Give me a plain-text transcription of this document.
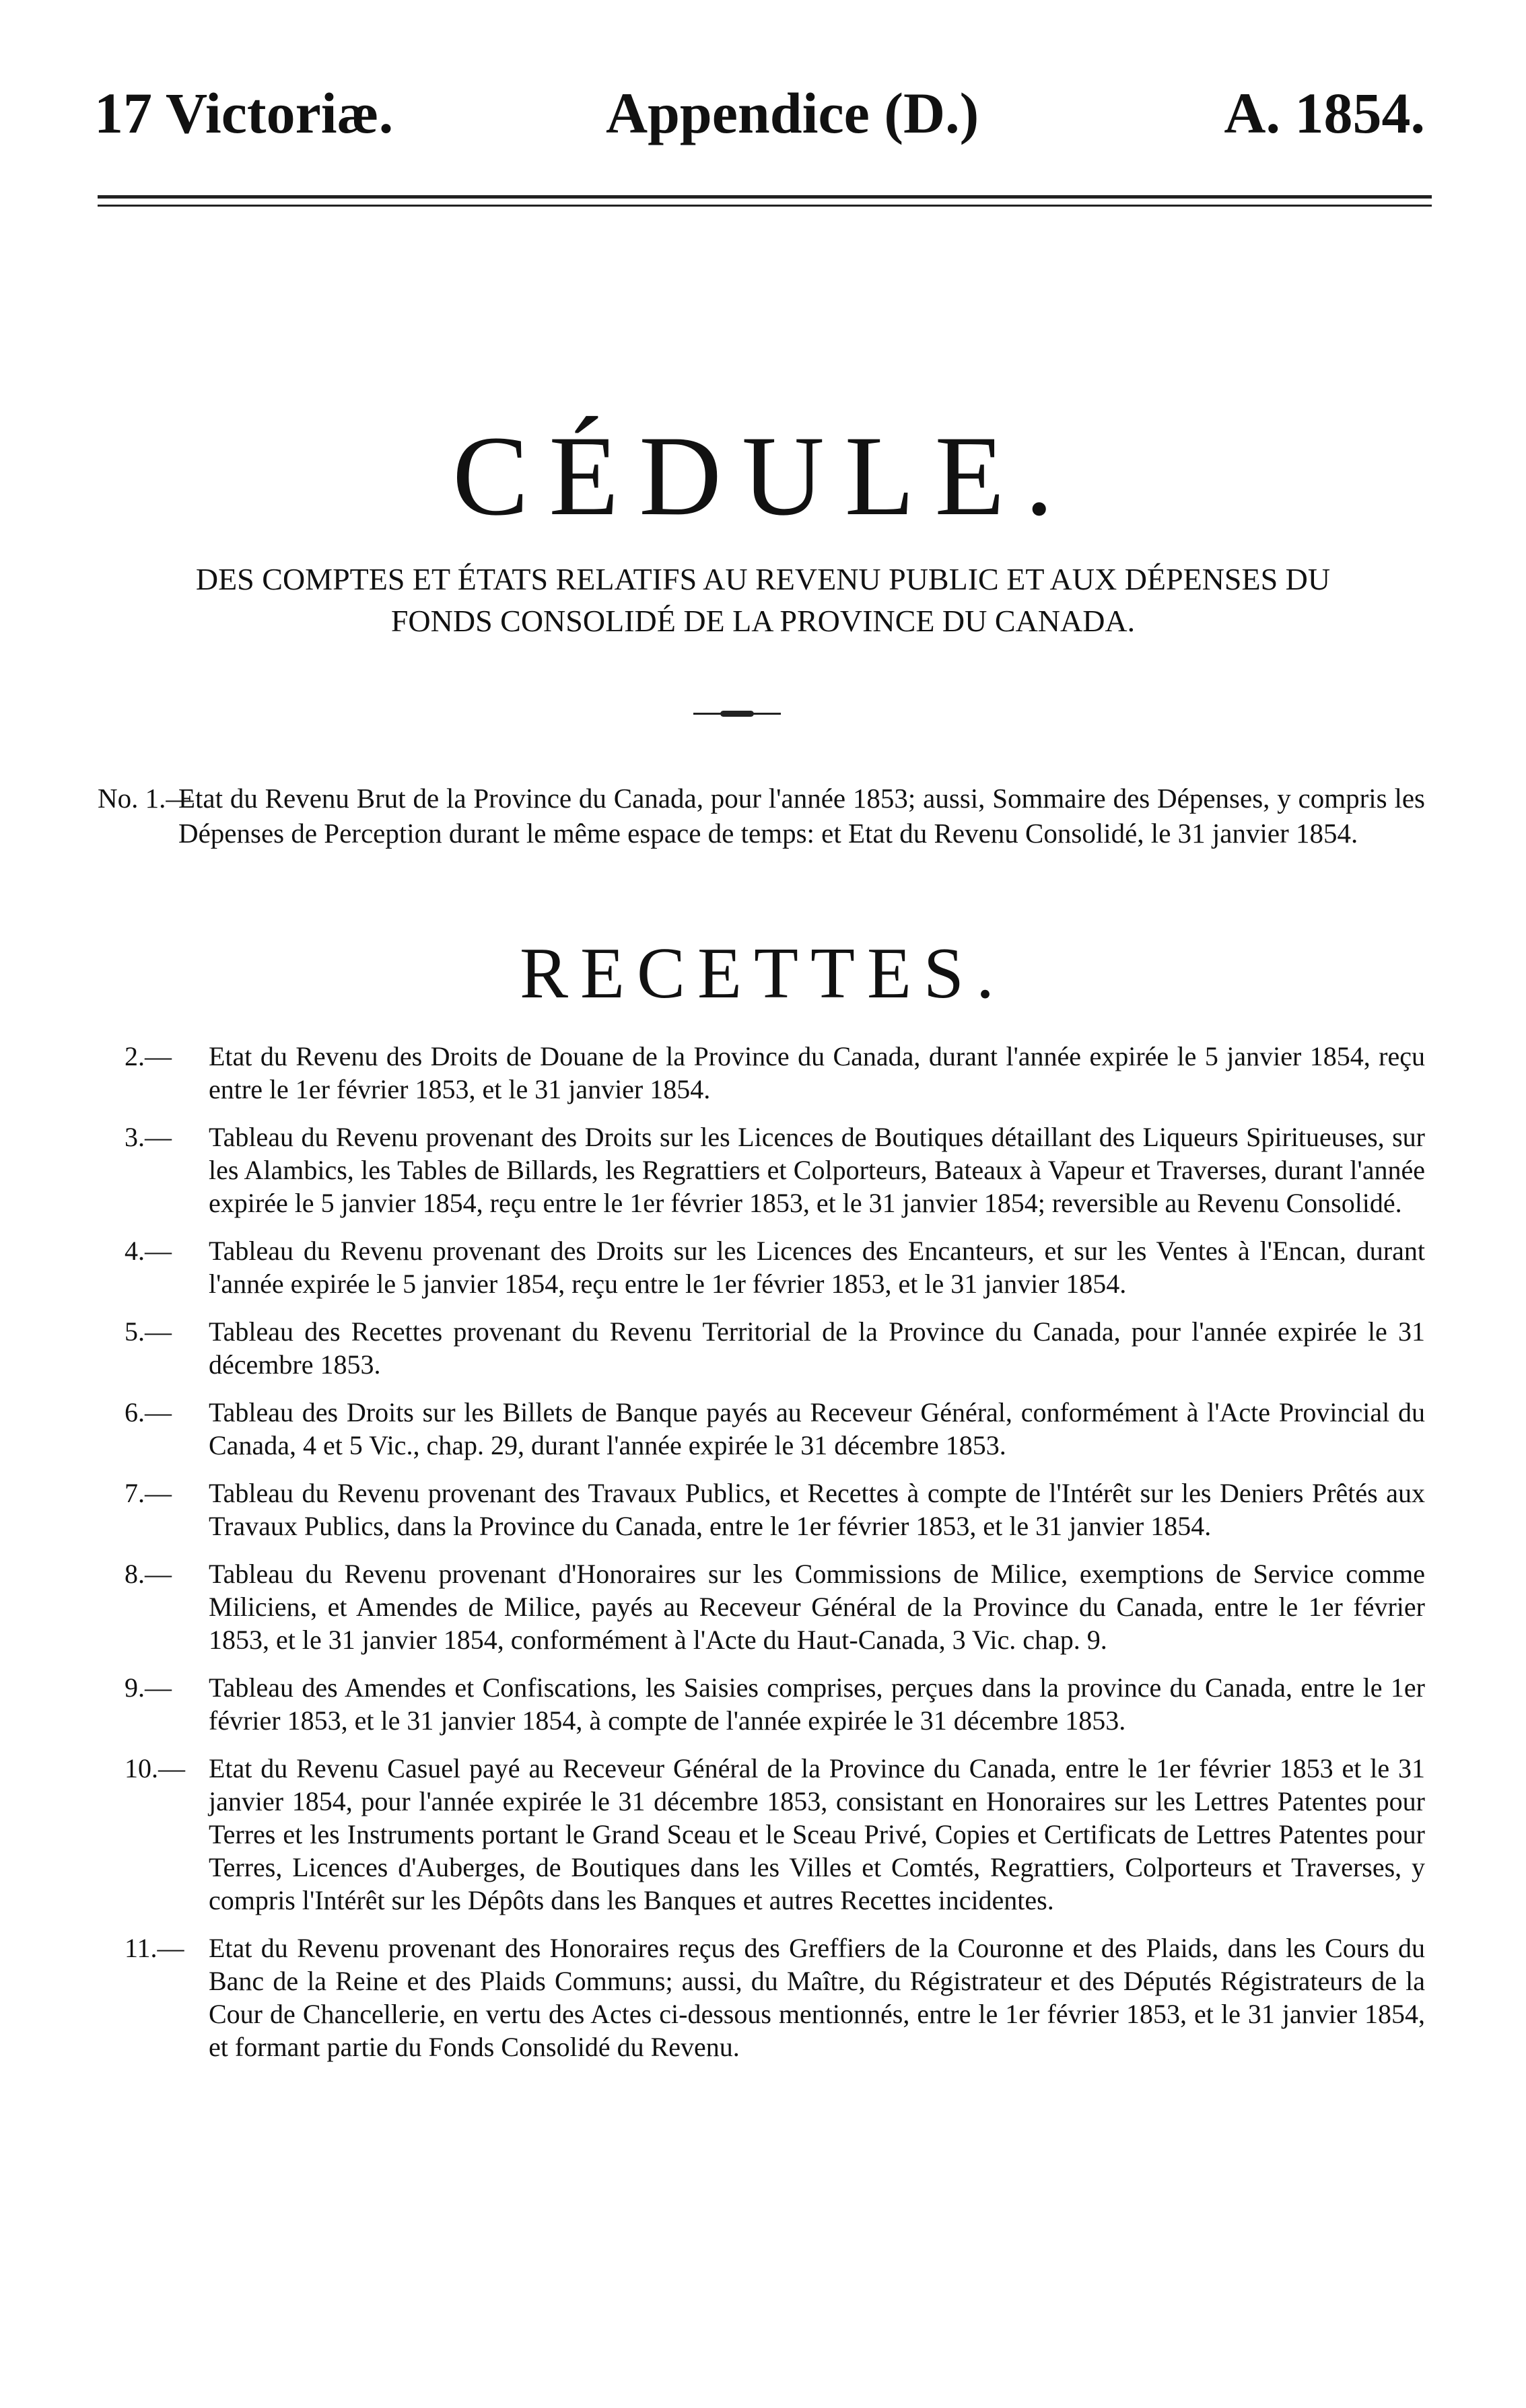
17 Victoriæ.	Appendice (D.)	A. 1854.
CÉDULE.
DES COMPTES ET ÉTATS RELATIFS AU REVENU PUBLIC ET AUX DÉPENSES DU
FONDS CONSOLIDÉ DE LA PROVINCE DU CANADA.
No. 1.—
Etat du Revenu Brut de la Province du Canada, pour l'année 1853; aussi, Sommaire des Dépenses, y compris les Dépenses de Perception durant le même espace de temps: et Etat du Revenu Consolidé, le 31 janvier 1854.
RECETTES.
2.—	Etat du Revenu des Droits de Douane de la Province du Canada, durant l'année expirée le 5 janvier 1854, reçu entre le 1er février 1853, et le 31 janvier 1854.
3.—	Tableau du Revenu provenant des Droits sur les Licences de Boutiques détaillant des Liqueurs Spiritueuses, sur les Alambics, les Tables de Billards, les Regrattiers et Colporteurs, Bateaux à Vapeur et Traverses, durant l'année expirée le 5 janvier 1854, reçu entre le 1er février 1853, et le 31 janvier 1854; reversible au Revenu Consolidé.
4.—	Tableau du Revenu provenant des Droits sur les Licences des Encanteurs, et sur les Ventes à l'Encan, durant l'année expirée le 5 janvier 1854, reçu entre le 1er février 1853, et le 31 janvier 1854.
5.—	Tableau des Recettes provenant du Revenu Territorial de la Province du Canada, pour l'année expirée le 31 décembre 1853.
6.—	Tableau des Droits sur les Billets de Banque payés au Receveur Général, conformément à l'Acte Provincial du Canada, 4 et 5 Vic., chap. 29, durant l'année expirée le 31 décembre 1853.
7.—	Tableau du Revenu provenant des Travaux Publics, et Recettes à compte de l'Intérêt sur les Deniers Prêtés aux Travaux Publics, dans la Province du Canada, entre le 1er février 1853, et le 31 janvier 1854.
8.—	Tableau du Revenu provenant d'Honoraires sur les Commissions de Milice, exemptions de Service comme Miliciens, et Amendes de Milice, payés au Receveur Général de la Province du Canada, entre le 1er février 1853, et le 31 janvier 1854, conformément à l'Acte du Haut-Canada, 3 Vic. chap. 9.
9.—	Tableau des Amendes et Confiscations, les Saisies comprises, perçues dans la province du Canada, entre le 1er février 1853, et le 31 janvier 1854, à compte de l'année expirée le 31 décembre 1853.
10.— Etat du Revenu Casuel payé au Receveur Général de la Province du Canada, entre le 1er février 1853 et le 31 janvier 1854, pour l'année expirée le 31 décembre 1853, consistant en Honoraires sur les Lettres Patentes pour Terres et les Instruments portant le Grand Sceau et le Sceau Privé, Copies et Certificats de Lettres Patentes pour Terres, Licences d'Auberges, de Boutiques dans les Villes et Comtés, Regrattiers, Colporteurs et Traverses, y compris l'Intérêt sur les Dépôts dans les Banques et autres Recettes incidentes.
11.— Etat du Revenu provenant des Honoraires reçus des Greffiers de la Couronne et des Plaids, dans les Cours du Banc de la Reine et des Plaids Communs; aussi, du Maître, du Régistrateur et des Députés Régistrateurs de la Cour de Chancellerie, en vertu des Actes ci-dessous mentionnés, entre le 1er février 1853, et le 31 janvier 1854, et formant partie du Fonds Consolidé du Revenu.
